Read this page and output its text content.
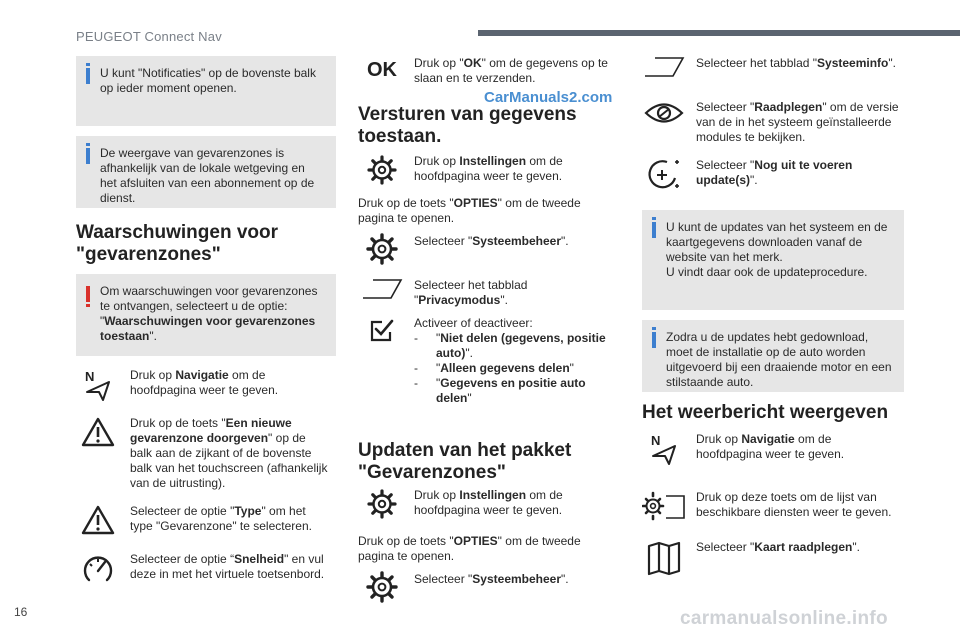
PEUGEOT Connect Nav
CarManuals2.com
U kunt "Notificaties" op de bovenste balk op ieder moment openen.
De weergave van gevarenzones is afhankelijk van de lokale wetgeving en het afsluiten van een abonnement op de dienst.
Waarschuwingen voor "gevarenzones"
Om waarschuwingen voor gevarenzones te ontvangen, selecteert u de optie: "Waarschuwingen voor gevarenzones toestaan".
N	Druk op Navigatie om de hoofdpagina weer te geven.
Druk op de toets "Een nieuwe gevarenzone doorgeven" op de balk aan de zijkant of de bovenste balk van het touchscreen (afhankelijk van de uitrusting).
Selecteer de optie "Type" om het type "Gevarenzone" te selecteren.
Selecteer de optie “Snelheid" en vul deze in met het virtuele toetsenbord.
OK Druk op "OK" om de gegevens op te slaan en te verzenden.
Versturen van gegevens toestaan.
Druk op Instellingen om de hoofdpagina weer te geven.
Druk op de toets "OPTIES" om de tweede pagina te openen.
Selecteer "Systeembeheer".
Selecteer het tabblad "Privacymodus".
Activeer of deactiveer:
-	"Niet delen (gegevens, positie auto)".
-	"Alleen gegevens delen"
-	"Gegevens en positie auto delen"
Updaten van het pakket "Gevarenzones"
Druk op Instellingen om de hoofdpagina weer te geven.
Druk op de toets "OPTIES" om de tweede pagina te openen.
Selecteer "Systeembeheer".
Selecteer het tabblad "Systeeminfo".
Selecteer "Raadplegen" om de versie van de in het systeem geïnstalleerde modules te bekijken.
Selecteer "Nog uit te voeren update(s)".
U kunt de updates van het systeem en de kaartgegevens downloaden vanaf de website van het merk.
U vindt daar ook de updateprocedure.
Zodra u de updates hebt gedownload, moet de installatie op de auto worden uitgevoerd bij een draaiende motor en een stilstaande auto.
Het weerbericht weergeven
N	Druk op Navigatie om de hoofdpagina weer te geven.
Druk op deze toets om de lijst van beschikbare diensten weer te geven.
Selecteer "Kaart raadplegen".
16	carmanualsonline.info
